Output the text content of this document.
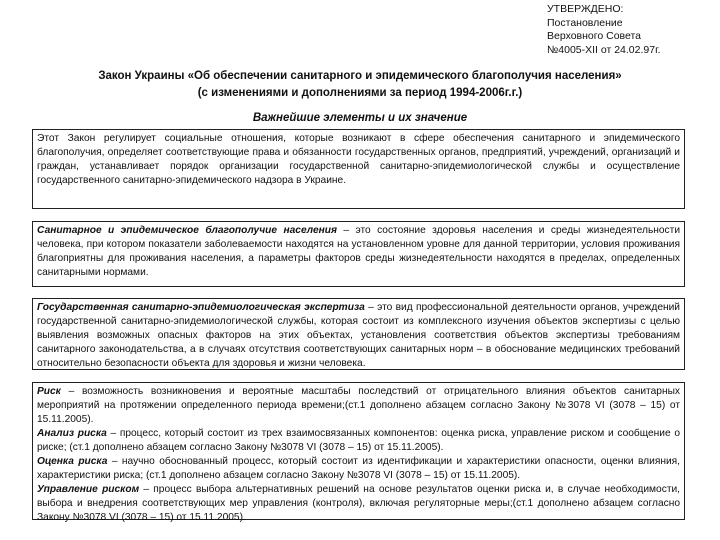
УТВЕРЖДЕНО:
Постановление
Верховного Совета
№4005-XII от 24.02.97г.
Закон Украины «Об обеспечении санитарного и эпидемического благополучия населения»
(с изменениями и дополнениями за период 1994-2006г.г.)
Важнейшие элементы и их значение

Этот Закон регулирует социальные отношения, которые возникают в сфере обеспечения санитарного и эпидемического благополучия, определяет соответствующие права и обязанности государственных органов, предприятий, учреждений, организаций и граждан, устанавливает порядок организации государственной санитарно-эпидемиологической службы и осуществление государственного санитарно-эпидемического надзора в Украине.

Санитарное и эпидемическое благополучие населения – это состояние здоровья населения и среды жизнедеятельности человека, при котором показатели заболеваемости находятся на установленном уровне для данной территории, условия проживания благоприятны для проживания населения, а параметры факторов среды жизнедеятельности находятся в пределах, определенных санитарными нормами.

Государственная санитарно-эпидемиологическая экспертиза – это вид профессиональной деятельности органов, учреждений государственной санитарно-эпидемиологической службы, которая состоит из комплексного изучения объектов экспертизы с целью выявления возможных опасных факторов на этих объектах, установления соответствия объектов экспертизы требованиям санитарного законодательства, а в случаях отсутствия соответствующих санитарных норм – в обоснование медицинских требований относительно безопасности объекта для здоровья и жизни человека.

Риск – возможность возникновения и вероятные масштабы последствий от отрицательного влияния объектов санитарных мероприятий на протяжении определенного периода времени;(ст.1 дополнено абзацем согласно Закону №3078 VI (3078 – 15) от 15.11.2005).

Анализ риска – процесс, который состоит из трех взаимосвязанных компонентов: оценка риска, управление риском и сообщение о риске; (ст.1 дополнено абзацем согласно Закону №3078 VI (3078 – 15) от 15.11.2005).

Оценка риска – научно обоснованный процесс, который состоит из идентификации и характеристики опасности, оценки влияния, характеристики риска; (ст.1 дополнено абзацем согласно Закону №3078 VI (3078 – 15) от 15.11.2005).

Управление риском – процесс выбора альтернативных решений на основе результатов оценки риска и, в случае необходимости, выбора и внедрения соответствующих мер управления (контроля), включая регуляторные меры;(ст.1 дополнено абзацем согласно Закону №3078 VI (3078 – 15) от 15.11.2005).
